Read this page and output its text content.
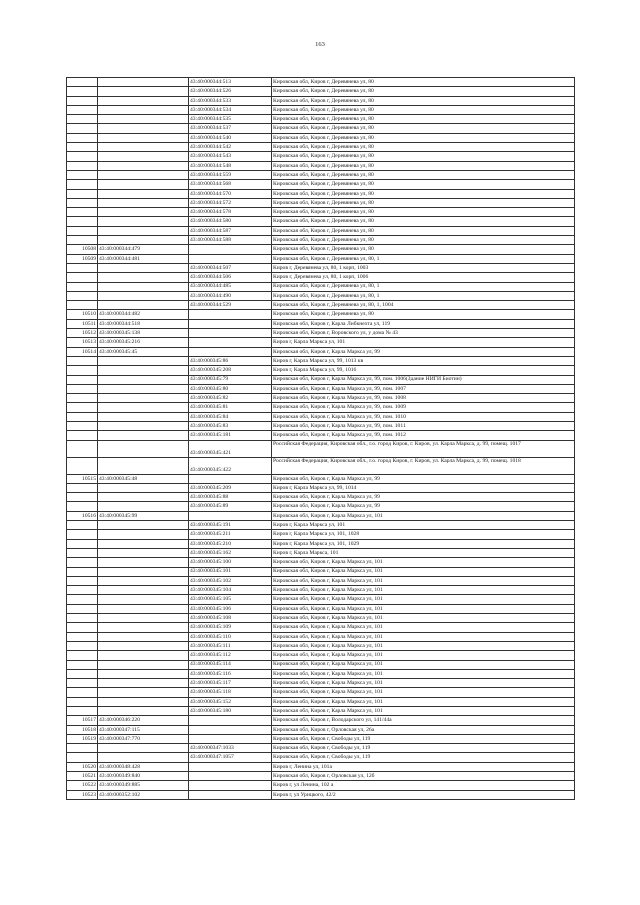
163
		43:40:000344:513	Кировская обл, Киров г, Деревянева ул, 80
		43:40:000344:526	Кировская обл, Киров г, Деревянева ул, 80
		43:40:000344:533	Кировская обл, Киров г, Деревянева ул, 80
		43:40:000344:534	Кировская обл, Киров г, Деревянева ул, 80
		43:40:000344:535	Кировская обл, Киров г, Деревянева ул, 80
		43:40:000344:537	Кировская обл, Киров г, Деревянева ул, 80
		43:40:000344:540	Кировская обл, Киров г, Деревянева ул, 80
		43:40:000344:542	Кировская обл, Киров г, Деревянева ул, 80
		43:40:000344:543	Кировская обл, Киров г, Деревянева ул, 80
		43:40:000344:548	Кировская обл, Киров г, Деревянева ул, 80
		43:40:000344:559	Кировская обл, Киров г, Деревянева ул, 80
		43:40:000344:568	Кировская обл, Киров г, Деревянева ул, 80
		43:40:000344:570	Кировская обл, Киров г, Деревянева ул, 80
		43:40:000344:572	Кировская обл, Киров г, Деревянева ул, 80
		43:40:000344:578	Кировская обл, Киров г, Деревянева ул, 80
		43:40:000344:580	Кировская обл, Киров г, Деревянева ул, 80
		43:40:000344:587	Кировская обл, Киров г, Деревянева ул, 80
		43:40:000344:588	Кировская обл, Киров г, Деревянева ул, 80
10508	43:40:000344:479		Кировская обл, Киров г, Деревянева ул, 80
10509	43:40:000344:481		Кировская обл, Киров г, Деревянева ул, 80, 1
		43:40:000344:507	Киров г, Деревянева ул, 80, 1 корп, 1003
		43:40:000344:506	Киров г, Деревянева ул, 80, 1 корп, 1006
		43:40:000344:485	Кировская обл, Киров г, Деревянева ул, 80, 1
		43:40:000344:490	Кировская обл, Киров г, Деревянева ул, 80, 1
		43:40:000344:529	Кировская обл, Киров г, Деревянева ул, 80, 1, 1004
10510	43:40:000344:482		Кировская обл, Киров г, Деревянева ул, 80
10511	43:40:000344:518		Кировская обл, Киров г, Карла Либкнехта ул, 119
10512	43:40:000345:138		Кировская обл, Киров г, Воровского ул, у дома № 43
10513	43:40:000345:216		Киров г, Карла Маркса ул, 101
10514	43:40:000345:45		Кировская обл, Киров г, Карла Маркса ул, 99
		43:40:000345:86	Киров г, Карла Маркса ул, 99, 1013 кв
		43:40:000345:208	Киров г, Карла Маркса ул, 99, 1016
		43:40:000345:79	Кировская обл, Киров г, Карла Маркса ул, 99, пом. 1006(Здание НИГИ Биотин)
		43:40:000345:80	Кировская обл, Киров г, Карла Маркса ул, 99, пом. 1007
		43:40:000345:82	Кировская обл, Киров г, Карла Маркса ул, 99, пом. 1008
		43:40:000345:81	Кировская обл, Киров г, Карла Маркса ул, 99, пом. 1009
		43:40:000345:84	Кировская обл, Киров г, Карла Маркса ул, 99, пом. 1010
		43:40:000345:83	Кировская обл, Киров г, Карла Маркса ул, 99, пом. 1011
		43:40:000345:181	Кировская обл, Киров г, Карла Маркса ул, 99, пом. 1012
		43:40:000345:421	Российская Федерация, Кировская обл., г.о. город Киров, г. Киров, ул. Карла Маркса, д. 99, помещ. 1017
		43:40:000345:422	Российская Федерация, Кировская обл., г.о. город Киров, г. Киров, ул. Карла Маркса, д. 99, помещ. 1018
10515	43:40:000345:48		Кировская обл, Киров г, Карла Маркса ул, 99
		43:40:000345:209	Киров г, Карла Маркса ул, 99, 1014
		43:40:000345:88	Кировская обл, Киров г, Карла Маркса ул, 99
		43:40:000345:89	Кировская обл, Киров г, Карла Маркса ул, 99
10516	43:40:000345:99		Кировская обл, Киров г, Карла Маркса ул, 101
		43:40:000345:191	Киров г, Карла Маркса ул, 101
		43:40:000345:211	Киров г, Карла Маркса ул, 101, 1028
		43:40:000345:210	Киров г, Карла Маркса ул, 101, 1029
		43:40:000345:162	Киров г, Карла Маркса, 101
		43:40:000345:100	Кировская обл, Киров г, Карла Маркса ул, 101
		43:40:000345:101	Кировская обл, Киров г, Карла Маркса ул, 101
		43:40:000345:102	Кировская обл, Киров г, Карла Маркса ул, 101
		43:40:000345:104	Кировская обл, Киров г, Карла Маркса ул, 101
		43:40:000345:105	Кировская обл, Киров г, Карла Маркса ул, 101
		43:40:000345:106	Кировская обл, Киров г, Карла Маркса ул, 101
		43:40:000345:108	Кировская обл, Киров г, Карла Маркса ул, 101
		43:40:000345:109	Кировская обл, Киров г, Карла Маркса ул, 101
		43:40:000345:110	Кировская обл, Киров г, Карла Маркса ул, 101
		43:40:000345:111	Кировская обл, Киров г, Карла Маркса ул, 101
		43:40:000345:112	Кировская обл, Киров г, Карла Маркса ул, 101
		43:40:000345:114	Кировская обл, Киров г, Карла Маркса ул, 101
		43:40:000345:116	Кировская обл, Киров г, Карла Маркса ул, 101
		43:40:000345:117	Кировская обл, Киров г, Карла Маркса ул, 101
		43:40:000345:118	Кировская обл, Киров г, Карла Маркса ул, 101
		43:40:000345:152	Кировская обл, Киров г, Карла Маркса ул, 101
		43:40:000345:180	Кировская обл, Киров г, Карла Маркса ул, 101
10517	43:40:000346:220		Кировская обл, Киров г, Володарского ул, 141/44а
10518	43:40:000347:115		Кировская обл, Киров г, Орловская ул, 26а
10519	43:40:000347:770		Кировская обл, Киров г, Свободы ул, 119
		43:40:000347:1033	Кировская обл, Киров г, Свободы ул, 119
		43:40:000347:1057	Кировская обл, Киров г, Свободы ул, 119
10520	43:40:000348:428		Киров г, Ленина ул, 101а
10521	43:40:000349:840		Кировская обл, Киров г, Орловская ул, 12б
10522	43:40:000349:885		Киров г, ул Ленина, 102 а
10523	43:40:000352:102		Киров г, ул Урицкого, 42/2
